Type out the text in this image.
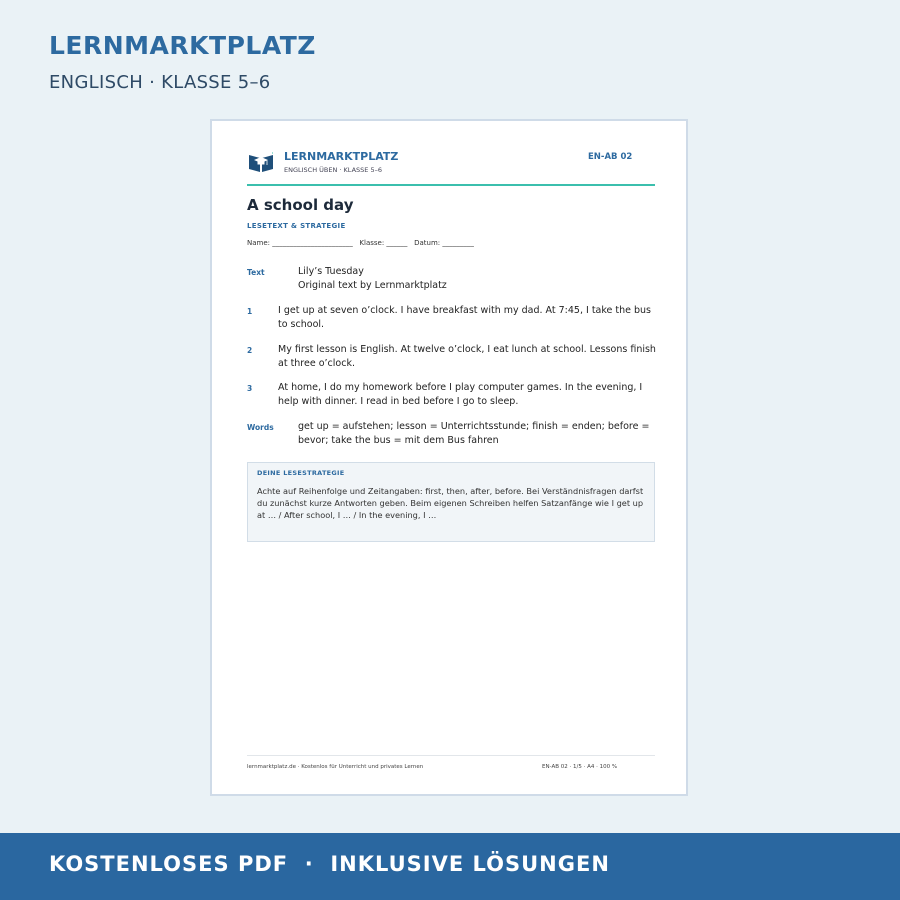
LERNMARKTPLATZ
ENGLISCH · KLASSE 5–6
LERNMARKTPLATZ
ENGLISCH ÜBEN · KLASSE 5–6
EN-AB 02
A school day
LESETEXT & STRATEGIE
Name: _______________________   Klasse: ______   Datum: _________
Text	Lily’s Tuesday
Original text by Lernmarktplatz
1	I get up at seven o’clock. I have breakfast with my dad. At 7:45, I take the bus to school.
2	My first lesson is English. At twelve o’clock, I eat lunch at school. Lessons finish at three o’clock.
3	At home, I do my homework before I play computer games. In the evening, I help with dinner. I read in bed before I go to sleep.
Words	get up = aufstehen; lesson = Unterrichtsstunde; finish = enden; before = bevor; take the bus = mit dem Bus fahren
DEINE LESESTRATEGIE
Achte auf Reihenfolge und Zeitangaben: first, then, after, before. Bei Verständnisfragen darfst du zunächst kurze Antworten geben. Beim eigenen Schreiben helfen Satzanfänge wie I get up at … / After school, I … / In the evening, I …
lernmarktplatz.de · Kostenlos für Unterricht und privates Lernen	EN-AB 02 · 1/5 · A4 · 100 %
KOSTENLOSES PDF  ·  INKLUSIVE LÖSUNGEN
